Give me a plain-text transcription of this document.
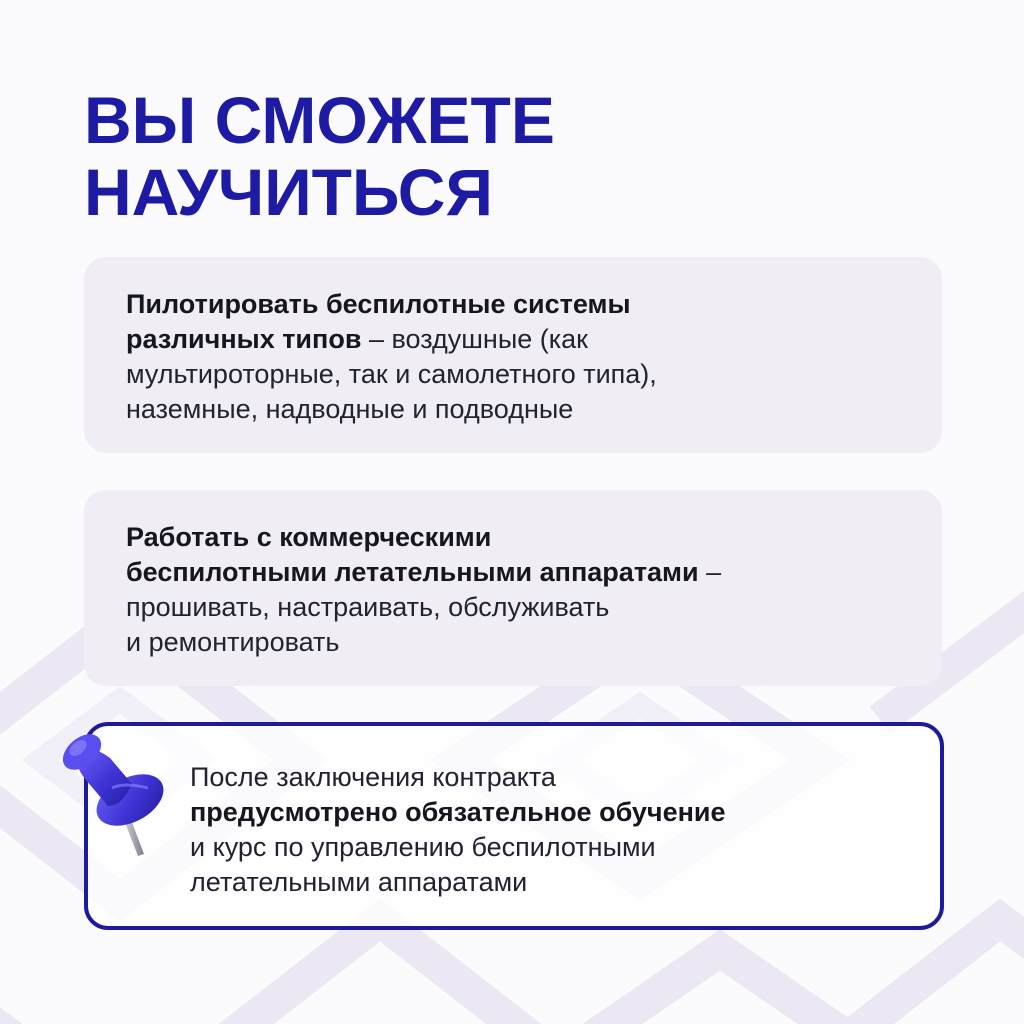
ВЫ СМОЖЕТЕ
НАУЧИТЬСЯ

Пилотировать беспилотные системы
различных типов – воздушные (как
мультироторные, так и самолетного типа),
наземные, надводные и подводные

Работать с коммерческими
беспилотными летательными аппаратами –
прошивать, настраивать, обслуживать
и ремонтировать

После заключения контракта
предусмотрено обязательное обучение
и курс по управлению беспилотными
летательными аппаратами
